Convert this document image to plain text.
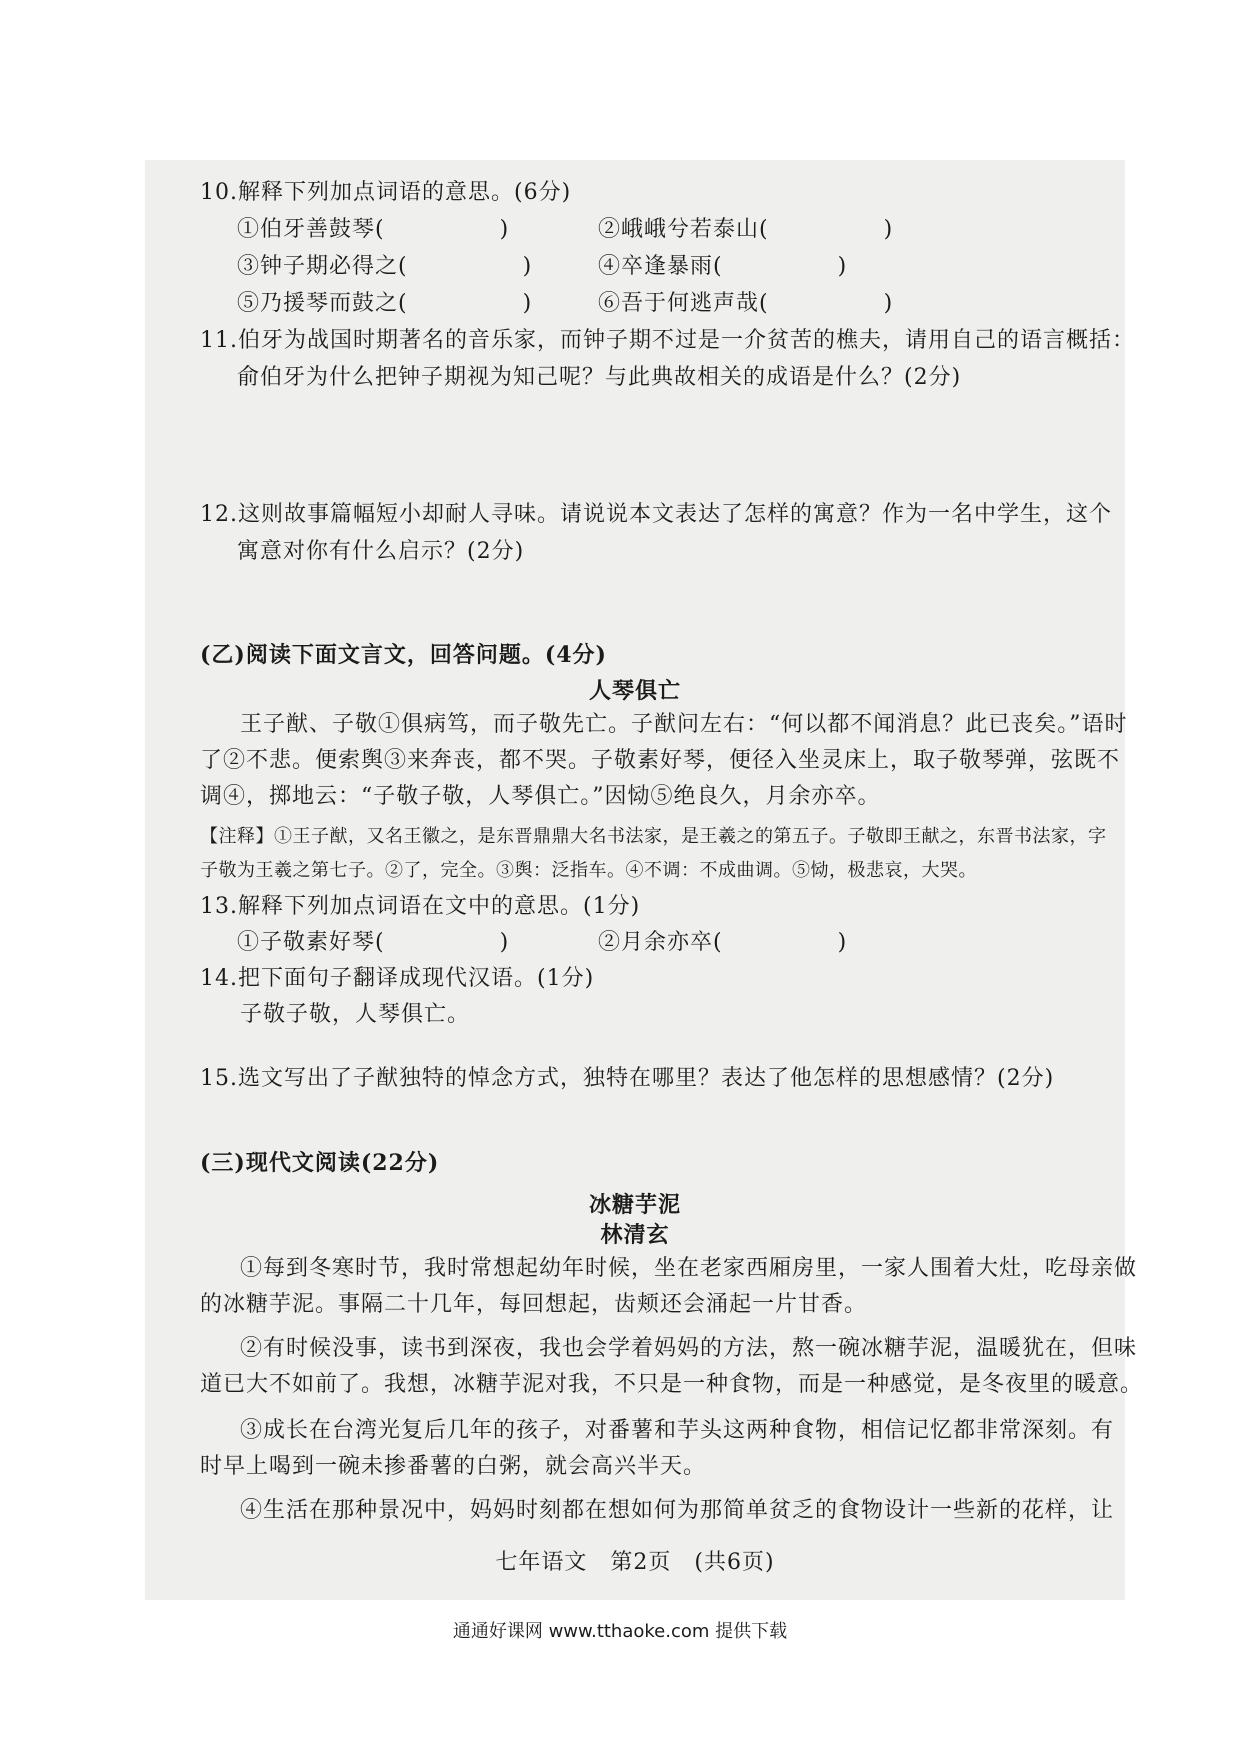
10.解释下列加点词语的意思。(6分)
①伯牙善鼓琴(　　　　　)	②峨峨兮若泰山(　　　　　)
③钟子期必得之(　　　　　)	④卒逢暴雨(　　　　　)
⑤乃援琴而鼓之(　　　　　)	⑥吾于何逃声哉(　　　　　)
11.伯牙为战国时期著名的音乐家，而钟子期不过是一介贫苦的樵夫，请用自己的语言概括：
俞伯牙为什么把钟子期视为知己呢？与此典故相关的成语是什么？(2分)
12.这则故事篇幅短小却耐人寻味。请说说本文表达了怎样的寓意？作为一名中学生，这个
寓意对你有什么启示？(2分)
(乙)阅读下面文言文，回答问题。(4分)
人琴俱亡
王子猷、子敬①俱病笃，而子敬先亡。子猷问左右：“何以都不闻消息？此已丧矣。”语时
了②不悲。便索舆③来奔丧，都不哭。子敬素好琴，便径入坐灵床上，取子敬琴弹，弦既不
调④，掷地云：“子敬子敬，人琴俱亡。”因恸⑤绝良久，月余亦卒。
【注释】①王子猷，又名王徽之，是东晋鼎鼎大名书法家，是王羲之的第五子。子敬即王献之，东晋书法家，字
子敬为王羲之第七子。②了，完全。③舆：泛指车。④不调：不成曲调。⑤恸，极悲哀，大哭。
13.解释下列加点词语在文中的意思。(1分)
①子敬素好琴(　　　　　)	②月余亦卒(　　　　　)
14.把下面句子翻译成现代汉语。(1分)
子敬子敬，人琴俱亡。
15.选文写出了子猷独特的悼念方式，独特在哪里？表达了他怎样的思想感情？(2分)
(三)现代文阅读(22分)
冰糖芋泥
林清玄
①每到冬寒时节，我时常想起幼年时候，坐在老家西厢房里，一家人围着大灶，吃母亲做
的冰糖芋泥。事隔二十几年，每回想起，齿颊还会涌起一片甘香。
②有时候没事，读书到深夜，我也会学着妈妈的方法，熬一碗冰糖芋泥，温暖犹在，但味
道已大不如前了。我想，冰糖芋泥对我，不只是一种食物，而是一种感觉，是冬夜里的暖意。
③成长在台湾光复后几年的孩子，对番薯和芋头这两种食物，相信记忆都非常深刻。有
时早上喝到一碗未掺番薯的白粥，就会高兴半天。
④生活在那种景况中，妈妈时刻都在想如何为那简单贫乏的食物设计一些新的花样，让
七年语文　第2页　(共6页)
通通好课网 www.tthaoke.com 提供下载
